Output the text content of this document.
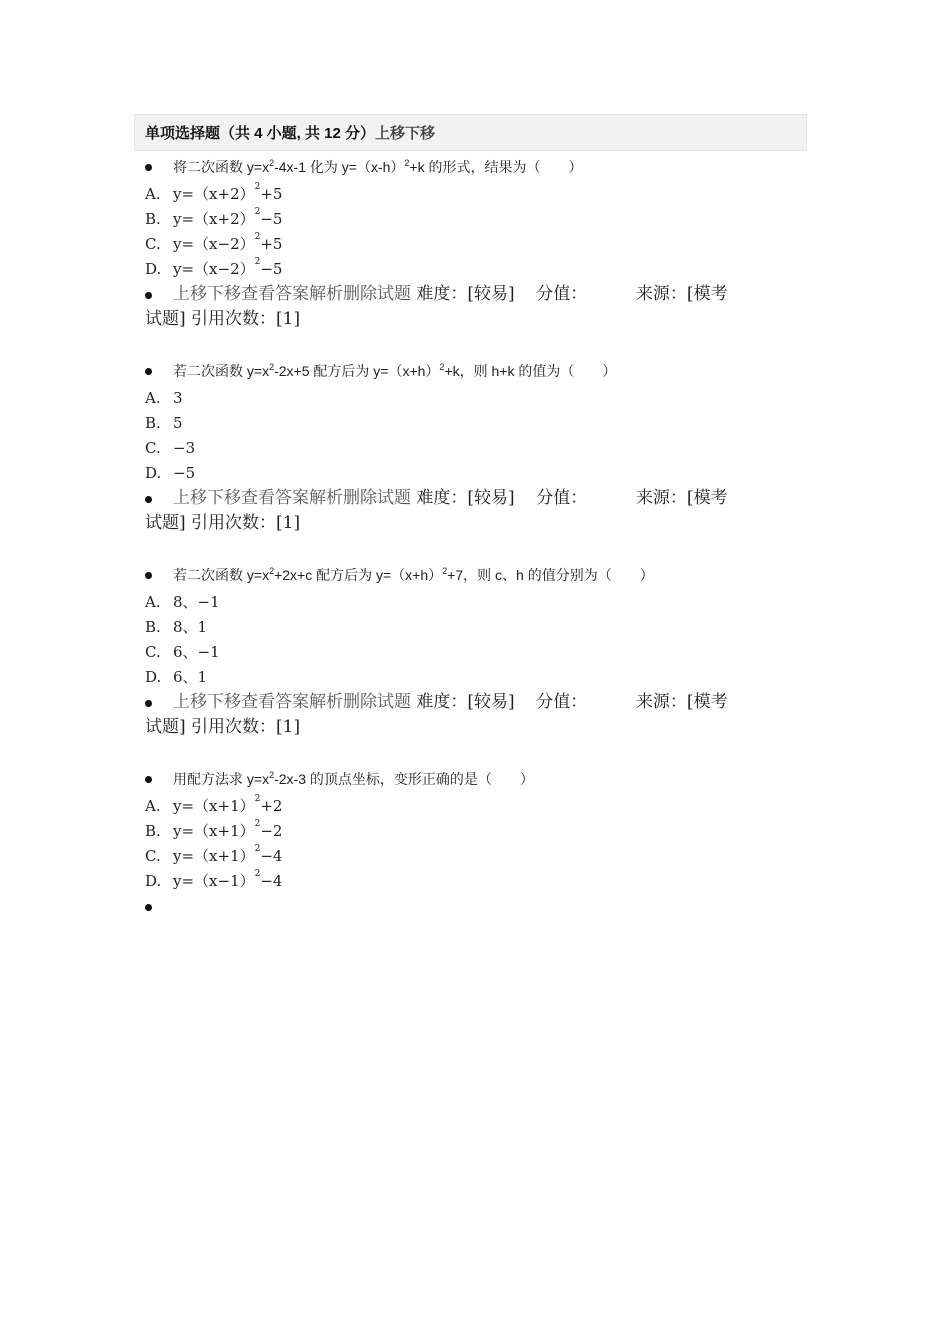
单项选择题（共 4 小题, 共 12 分）上移下移
将二次函数 $y=x^2-4x-1$ 化为 $y=(x-h)^2+k$ 的形式，结果为（　　）
A. $y=(x+2)^2+5$
B. $y=(x+2)^2-5$
C. $y=(x-2)^2+5$
D. $y=(x-2)^2-5$
上移下移查看答案解析删除试题 难度：[较易] 分值：	来源：[模考
试题] 引用次数：[1]
若二次函数 $y=x^2-2x+5$ 配方后为 $y=(x+h)^2+k$，则 h+k 的值为（　　）
A. 3
B. 5
C. −3
D. −5
上移下移查看答案解析删除试题 难度：[较易] 分值：	来源：[模考
试题] 引用次数：[1]
若二次函数 $y=x^2+2x+c$ 配方后为 $y=(x+h)^2+7$，则 c、h 的值分别为（　　）
A. 8、−1
B. 8、1
C. 6、−1
D. 6、1
上移下移查看答案解析删除试题 难度：[较易] 分值：	来源：[模考
试题] 引用次数：[1]
用配方法求 $y=x^2-2x-3$ 的顶点坐标，变形正确的是（　　）
A. $y=(x+1)^2+2$
B. $y=(x+1)^2-2$
C. $y=(x+1)^2-4$
D. $y=(x-1)^2-4$
